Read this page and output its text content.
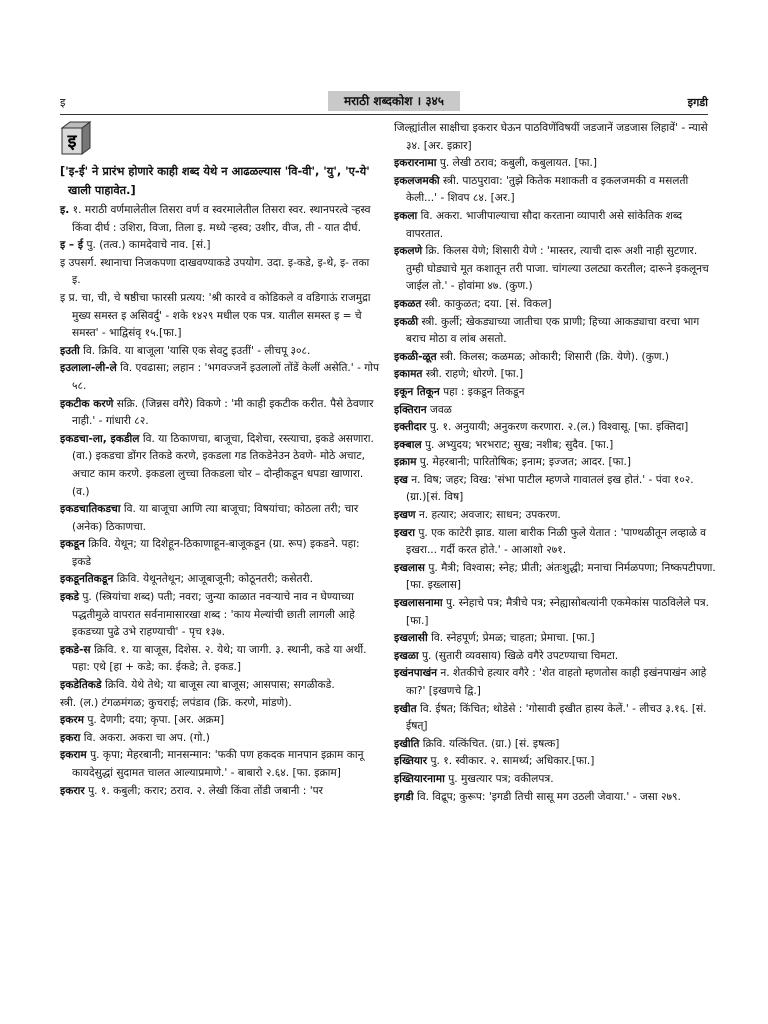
इ	मराठी शब्दकोश । ३४५	इगडी
इ

['इ-ई' ने प्रारंभ होणारे काही शब्द येथे न आढळल्यास 'वि-वी', 'यु', 'ए-ये' खाली पाहावेत.]

इ. १. मराठी वर्णमालेतील तिसरा वर्ण व स्वरमालेतील तिसरा स्वर. स्थानपरत्वे ऱ्हस्व किंवा दीर्घ : उशिरा, विजा, तिला इ. मध्ये ऱ्हस्व; उशीर, वीज, ती - यात दीर्घ.

इ – ई पु. (तत्व.) कामदेवाचे नाव. [सं.]

इ उपसर्ग. स्थानाचा निजकपणा दाखवण्याकडे उपयोग. उदा. इ-कडे, इ-थे, इ- तका इ.

इ प्र. चा, ची, चे षष्ठीचा फारसी प्रत्यय: 'श्री कारवे व कोडिकले व वडिगाऊं राजमुद्रा मुख्य समस्त इ असिवर्दु' - शके १४२९ मधील एक पत्र. यातील समस्त इ = चे समस्त' - भाद्विसंवृ १५.[फा.]

इउती वि. क्रिवि. या बाजूला 'यासि एक सेवटु इउतीं' - लीचपू ३०८.

इउलाला-ली-ले वि. एवढासा; लहान : 'भगवज्जनें इउलालों तोंडें केलीं असेति.' - गोप ५८.

इकटीक करणे सक्रि. (जिन्नस वगैरे) विकणे : 'मी काही इकटीक करीत. पैसे ठेवणार नाही.' - गांधारी ८२.

इकडचा-ला, इकडील वि. या ठिकाणचा, बाजूचा, दिशेचा, रस्त्याचा, इकडे असणारा. (वा.) इकडचा डोंगर तिकडे करणे, इकडला गड तिकडेनेउन ठेवणे- मोठे अचाट, अचाट काम करणे. इकडला लुच्चा तिकडला चोर – दोन्हीकडून धपडा खाणारा. (व.)

इकडचातिकडचा वि. या बाजूचा आणि त्या बाजूचा; विषयांचा; कोठला तरी; चार (अनेक) ठिकाणचा.

इकडून क्रिवि. येथून; या दिशेहून-ठिकाणाहून-बाजूकडून (ग्रा. रूप) इकडने. पहा: इकडे

इकडूनतिकडून क्रिवि. येथूनतेथून; आजूबाजूनी; कोठूनतरी; कसेतरी.

इकडे पु. (स्त्रियांचा शब्द) पती; नवरा; जुन्या काळात नवऱ्याचे नाव न घेण्याच्या पद्धतीमुळे वापरात सर्वनामासारखा शब्द : 'काय मेल्यांची छाती लागली आहे इकडच्या पुढे उभे राहण्याची' - पृच १३७.

इकडे-स क्रिवि. १. या बाजूस, दिशेस. २. येथे; या जागी. ३. स्थानी, कडे या अर्थी. पहा: एथे [हा + कडे; का. ईकडे; ते. इकड.]

इकडेतिकडे क्रिवि. येथे तेथे; या बाजूस त्या बाजूस; आसपास; सगळीकडे.

स्त्री. (ल.) टंगळमंगळ; कुचराई; लपंडाव (क्रि. करणे, मांडणे).

इकरम पु. देणगी; दया; कृपा. [अर. अक्रम]

इकरा वि. अकरा. अकरा चा अप. (गो.)

इकराम पु. कृपा; मेहरबानी; मानसन्मान: 'फकी पण हकदक मानपान इक्राम कानू कायदेसुद्धां सुदामत चालत आल्याप्रमाणे.' - बाबारो २.६४. [फा. इक्राम]

इकरार पु. १. कबुली; करार; ठराव. २. लेखी किंवा तोंडी जबानी : 'पर

जिल्ह्यांतील साक्षीचा इकरार घेऊन पाठविणेंविषयीं जडजानें जडजास लिहावें' - न्यासे ३४. [अर. इक्रार]

इकरारनामा पु. लेखी ठराव; कबुली, कबुलायत. [फा.]

इकलजमकी स्त्री. पाठपुरावा: 'तुझे कितेक मशाकती व इकलजमकी व मसलती केली...' - शिवप ८४. [अर.]

इकला वि. अकरा. भाजीपाल्याचा सौदा करताना व्यापारी असे सांकेतिक शब्द वापरतात.

इकलणे क्रि. किलस येणे; शिसारी येणे : 'मास्तर, त्याची दारू अशी नाही सुटणार. तुम्ही घोड्याचे मूत कशातून तरी पाजा. चांगल्या उलट्या करतील; दारूने इकलूनच जाईल तो.' - होवांमा ४७. (कुण.)

इकळत स्त्री. काकुळत; दया. [सं. विकल]

इकळी स्त्री. कुर्ली; खेकड्याच्या जातीचा एक प्राणी; हिच्या आकड्याचा वरचा भाग बराच मोठा व लांब असतो.

इकळी-ळूत स्त्री. किलस; कळमळ; ओकारी; शिसारी (क्रि. येणे). (कुण.)

इकामत स्त्री. राहणे; धोरणे. [फा.]

इकून तिकून पहा : इकडून तिकडून

इक्तिरान जवळ

इक्तीदार पु. १. अनुयायी; अनुकरण करणारा. २.(ल.) विश्वासू. [फा. इक्तिदा]

इक्बाल पु. अभ्युदय; भरभराट; सुख; नशीब; सुदैव. [फा.]

इक्राम पु. मेहरबानी; पारितोषिक; इनाम; इज्जत; आदर. [फा.]

इख न. विष; जहर; विख: 'संभा पाटील म्हणजे गावातलं इख होतं.' - पंवा १०२. (ग्रा.)[सं. विष]

इखण न. हत्यार; अवजार; साधन; उपकरण.

इखरा पु. एक काटेरी झाड. याला बारीक निळी फुले येतात : 'पाण्थळीतून लव्हाळे व इखरा... गर्दी करत होते.' - आआशो २७१.

इखलास पु. मैत्री; विश्वास; स्नेह; प्रीती; अंतःशुद्धी; मनाचा निर्मळपणा; निष्कपटीपणा. [फा. इख्लास]

इखलासनामा पु. स्नेहाचे पत्र; मैत्रीचे पत्र; स्नेह्यासोबत्यांनी एकमेकांस पाठविलेले पत्र. [फा.]

इखलासी वि. स्नेहपूर्ण; प्रेमळ; चाहता; प्रेमाचा. [फा.]

इखळा पु. (सुतारी व्यवसाय) खिळे वगैरे उपटण्याचा चिमटा.

इखंनपाखंन न. शेतकीचे हत्यार वगैरे : 'शेत वाहतो म्हणतोस काही इखंनपाखंन आहे का?' [इखणचे द्वि.]

इखीत वि. ईषत; किंचित; थोडेसे : 'गोसावी इखीत हास्य केलें.' - लीचउ ३.१६. [सं. ईषत्]

इखीति क्रिवि. यत्किंचित. (ग्रा.) [सं. इषत्क]

इख्तियार पु. १. स्वीकार. २. सामर्थ्य; अधिकार.[फा.]

इख्तियारनामा पु. मुखत्यार पत्र; वकीलपत्र.

इगडी वि. विद्रूप; कुरूप: 'इगडी तिची सासू मग उठली जेवाया.' - जसा २७९.
